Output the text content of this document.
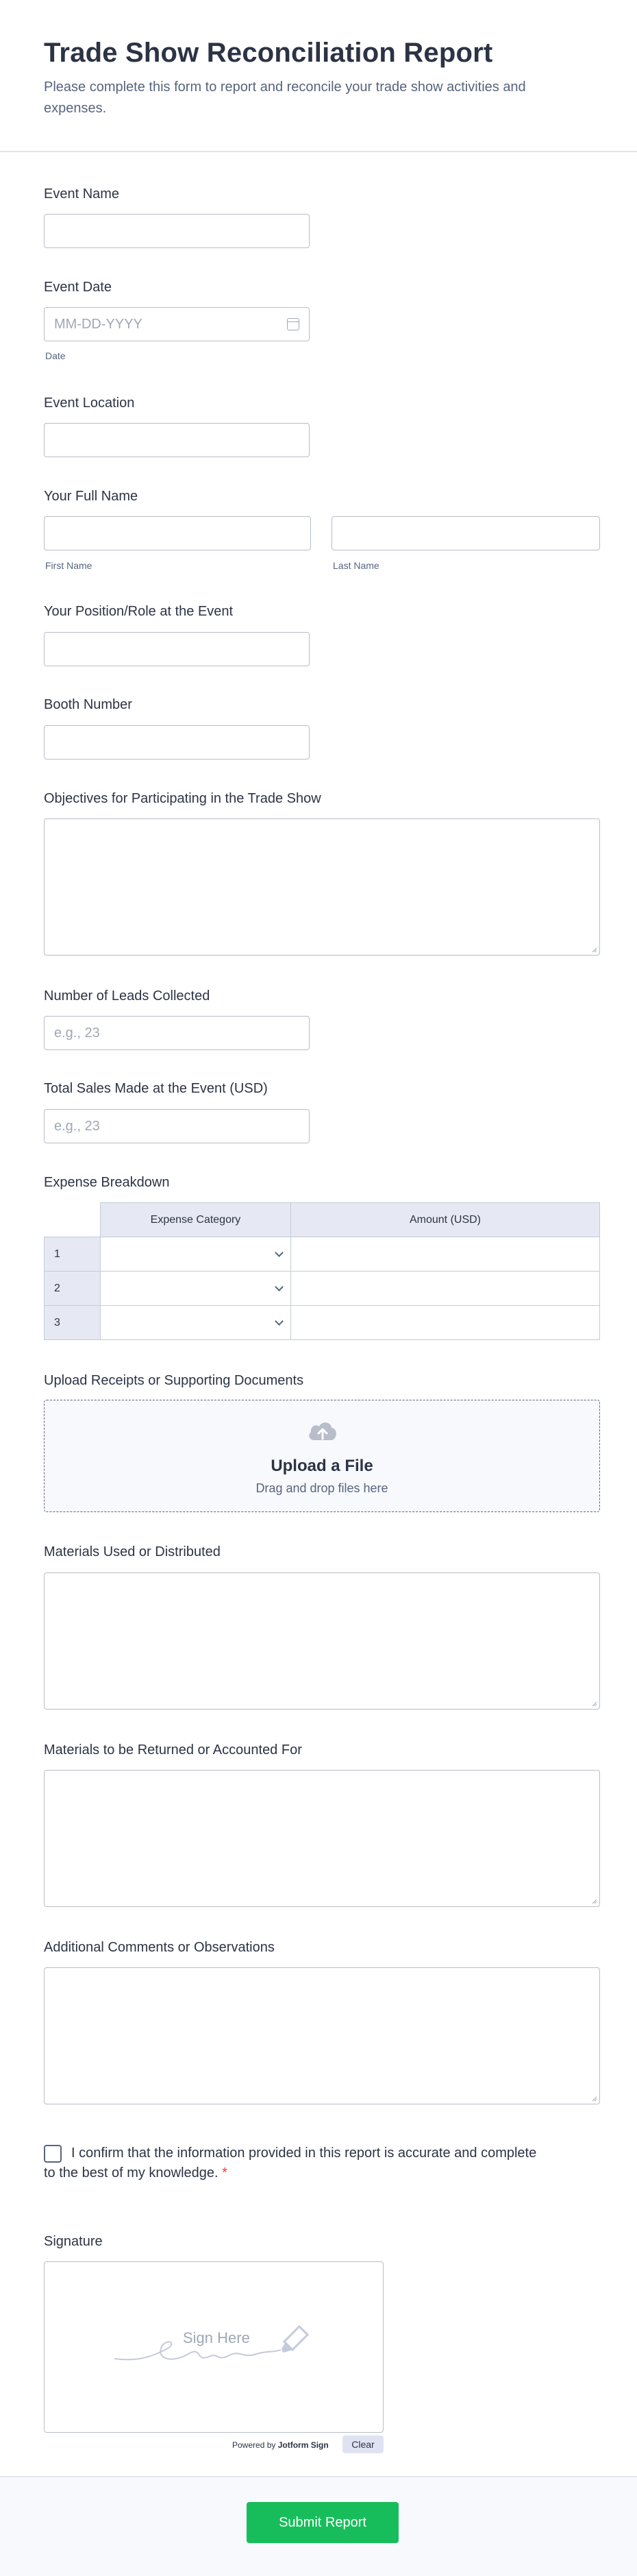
Trade Show Reconciliation Report

Please complete this form to report and reconcile your trade show activities and expenses.

Event Name
Event Date
MM-DD-YYYY
Date
Event Location
Your Full Name
First Name	Last Name
Your Position/Role at the Event
Booth Number
Objectives for Participating in the Trade Show
Number of Leads Collected
e.g., 23
Total Sales Made at the Event (USD)
e.g., 23
Expense Breakdown
	Expense Category	Amount (USD)
1	

2	

3	

Upload Receipts or Supporting Documents
Upload a File
Drag and drop files here
Materials Used or Distributed
Materials to be Returned or Accounted For
Additional Comments or Observations
I confirm that the information provided in this report is accurate and complete to the best of my knowledge. *
Signature
Sign Here
Powered by Jotform Sign	Clear
Submit Report
